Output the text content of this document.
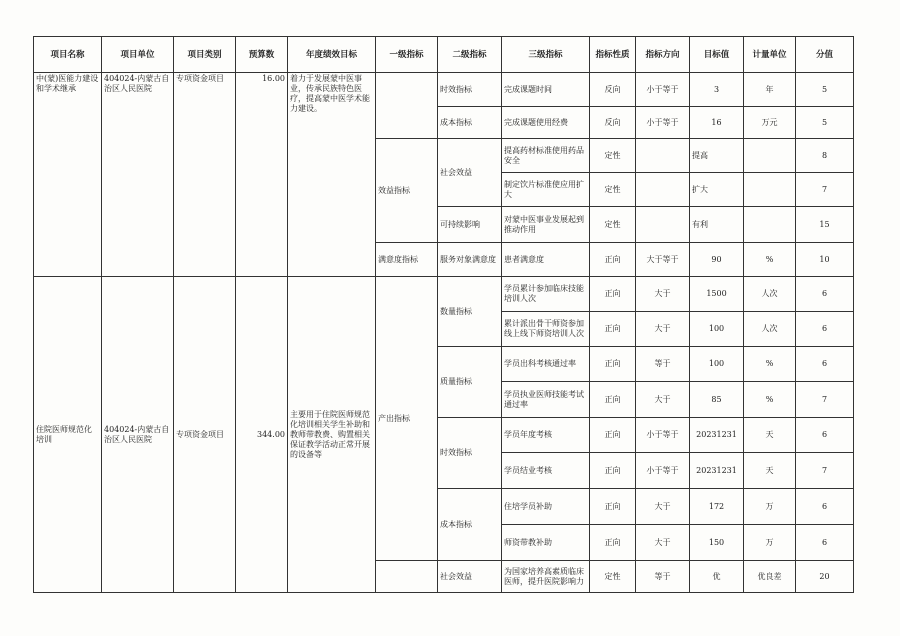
项目名称	项目单位	项目类别	预算数	年度绩效目标	一级指标	二级指标	三级指标	指标性质	指标方向	目标值	计量单位	分值
中(蒙)医能力建设和学术继承	404024-内蒙古自治区人民医院	专项资金项目	16.00	着力于发展蒙中医事业，传承民族特色医疗，提高蒙中医学术能力建设。		时效指标	完成课题时间	反向	小于等于	3	年	5
						成本指标	完成课题使用经费	反向	小于等于	16	万元	5
					效益指标	社会效益	提高药材标准使用药品安全	定性		提高		8
							制定饮片标准使应用扩大	定性		扩大		7
						可持续影响	对蒙中医事业发展起到推动作用	定性		有利		15
					满意度指标	服务对象满意度	患者满意度	正向	大于等于	90	%	10
住院医师规范化培训	404024-内蒙古自治区人民医院	专项资金项目	344.00	主要用于住院医师规范化培训相关学生补助和教师带教费、购置相关保证教学活动正常开展的设备等	产出指标	数量指标	学员累计参加临床技能培训人次	正向	大于	1500	人次	6
							累计派出骨干师资参加线上线下师资培训人次	正向	大于	100	人次	6
						质量指标	学员出科考核通过率	正向	等于	100	%	6
							学员执业医师技能考试通过率	正向	大于	85	%	7
						时效指标	学员年度考核	正向	小于等于	20231231	天	6
							学员结业考核	正向	小于等于	20231231	天	7
						成本指标	住培学员补助	正向	大于	172	万	6
							师资带教补助	正向	大于	150	万	6
						社会效益	为国家培养高素质临床医师，提升医院影响力	定性	等于	优	优良差	20
